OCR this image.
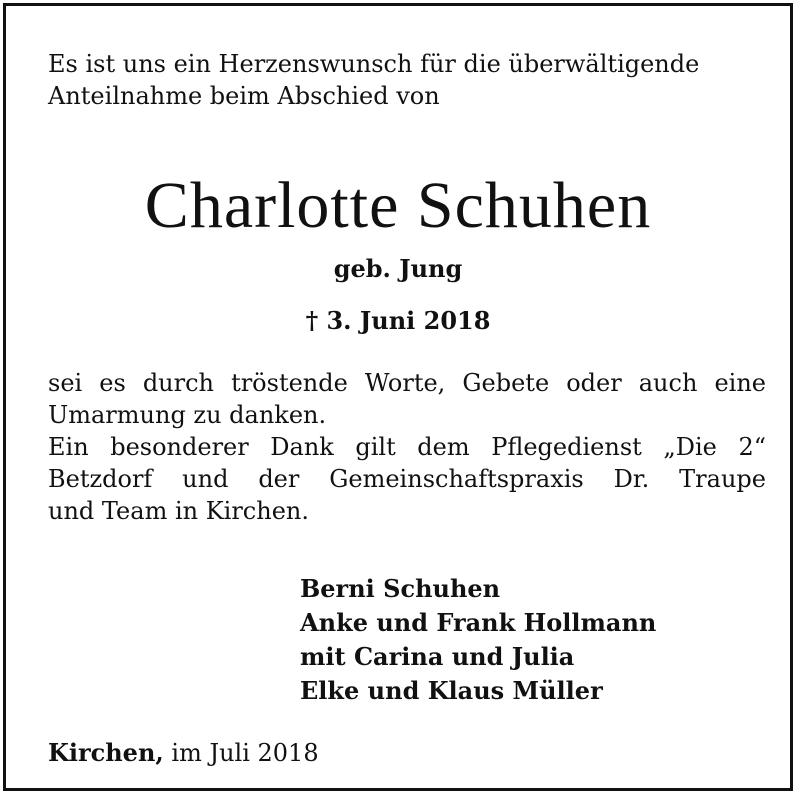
Es ist uns ein Herzenswunsch für die überwältigende
Anteilnahme beim Abschied von
Charlotte Schuhen
geb. Jung
† 3. Juni 2018
sei es durch tröstende Worte, Gebete oder auch eine
Umarmung zu danken.
Ein besonderer Dank gilt dem Pflegedienst „Die 2“
Betzdorf und der Gemeinschaftspraxis Dr. Traupe
und Team in Kirchen.
Berni Schuhen
Anke und Frank Hollmann
mit Carina und Julia
Elke und Klaus Müller
Kirchen, im Juli 2018
